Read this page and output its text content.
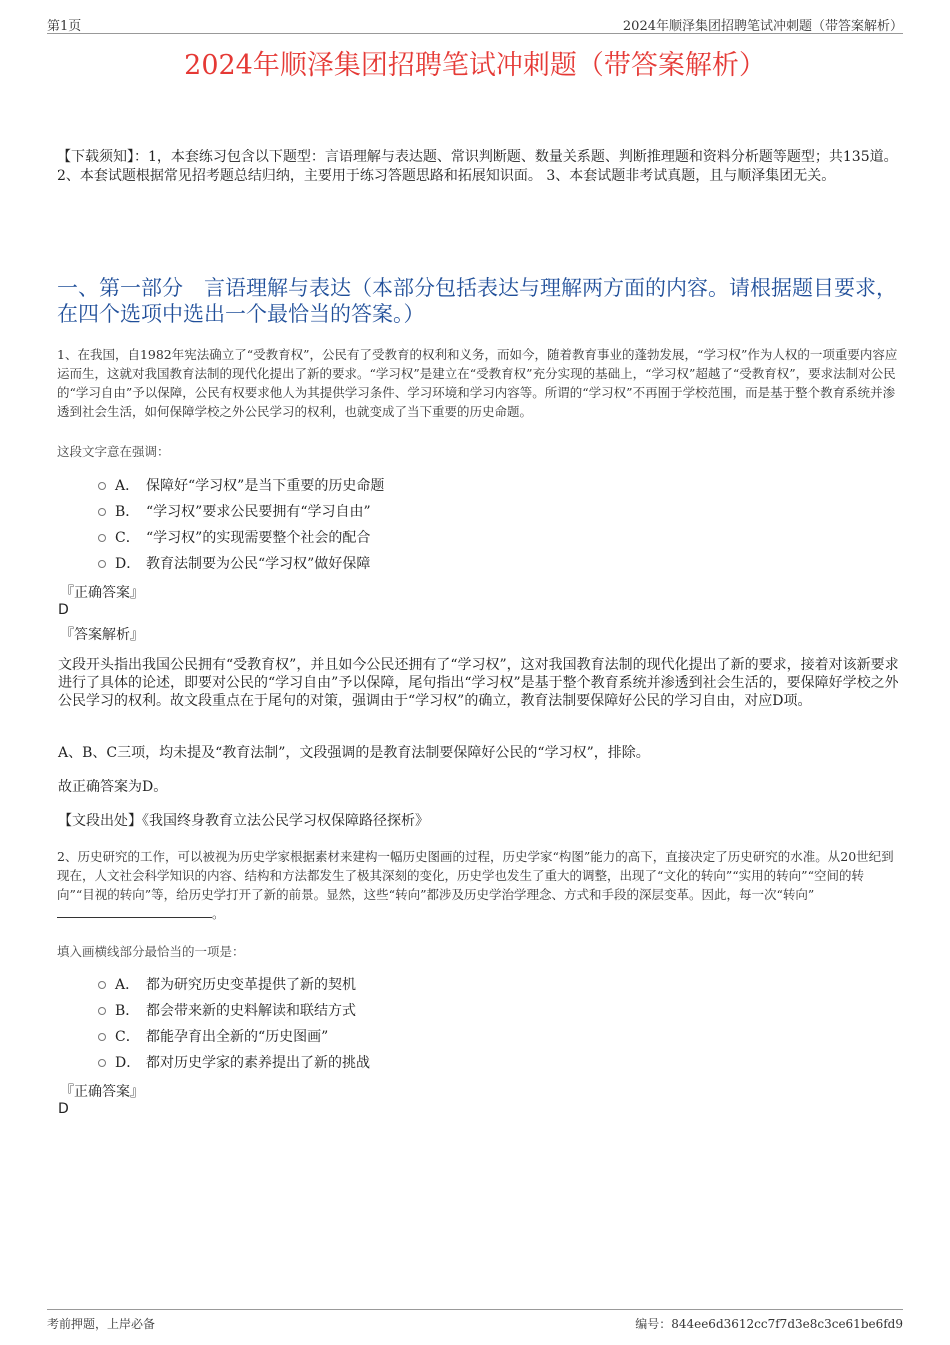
第1页	2024年顺泽集团招聘笔试冲刺题（带答案解析）
2024年顺泽集团招聘笔试冲刺题（带答案解析）
【下载须知】：1，本套练习包含以下题型：言语理解与表达题、常识判断题、数量关系题、判断推理题和资料分析题等题型；共135道。 2、本套试题根据常见招考题总结归纳，主要用于练习答题思路和拓展知识面。 3、本套试题非考试真题，且与顺泽集团无关。
一、第一部分　言语理解与表达（本部分包括表达与理解两方面的内容。请根据题目要求，在四个选项中选出一个最恰当的答案。）
1、在我国，自1982年宪法确立了“受教育权”，公民有了受教育的权利和义务，而如今，随着教育事业的蓬勃发展，“学习权”作为人权的一项重要内容应运而生，这就对我国教育法制的现代化提出了新的要求。“学习权”是建立在“受教育权”充分实现的基础上，“学习权”超越了“受教育权”，要求法制对公民的“学习自由”予以保障，公民有权要求他人为其提供学习条件、学习环境和学习内容等。所谓的“学习权”不再囿于学校范围，而是基于整个教育系统并渗透到社会生活，如何保障学校之外公民学习的权利，也就变成了当下重要的历史命题。
这段文字意在强调：
A． 保障好“学习权”是当下重要的历史命题
B． “学习权”要求公民要拥有“学习自由”
C． “学习权”的实现需要整个社会的配合
D． 教育法制要为公民“学习权”做好保障
『正确答案』
D
『答案解析』
文段开头指出我国公民拥有“受教育权”，并且如今公民还拥有了“学习权”，这对我国教育法制的现代化提出了新的要求，接着对该新要求进行了具体的论述，即要对公民的“学习自由”予以保障，尾句指出“学习权”是基于整个教育系统并渗透到社会生活的，要保障好学校之外公民学习的权利。故文段重点在于尾句的对策，强调由于“学习权”的确立，教育法制要保障好公民的学习自由，对应D项。
A、B、C三项，均未提及“教育法制”，文段强调的是教育法制要保障好公民的“学习权”，排除。
故正确答案为D。
【文段出处】《我国终身教育立法公民学习权保障路径探析》
2、历史研究的工作，可以被视为历史学家根据素材来建构一幅历史图画的过程，历史学家“构图”能力的高下，直接决定了历史研究的水准。从20世纪到现在，人文社会科学知识的内容、结构和方法都发生了极其深刻的变化，历史学也发生了重大的调整，出现了“文化的转向”“实用的转向”“空间的转向”“目视的转向”等，给历史学打开了新的前景。显然，这些“转向”都涉及历史学治学理念、方式和手段的深层变革。因此，每一次“转向”。
填入画横线部分最恰当的一项是：
A． 都为研究历史变革提供了新的契机
B． 都会带来新的史料解读和联结方式
C． 都能孕育出全新的“历史图画”
D． 都对历史学家的素养提出了新的挑战
『正确答案』
D
考前押题，上岸必备	编号：844ee6d3612cc7f7d3e8c3ce61be6fd9
